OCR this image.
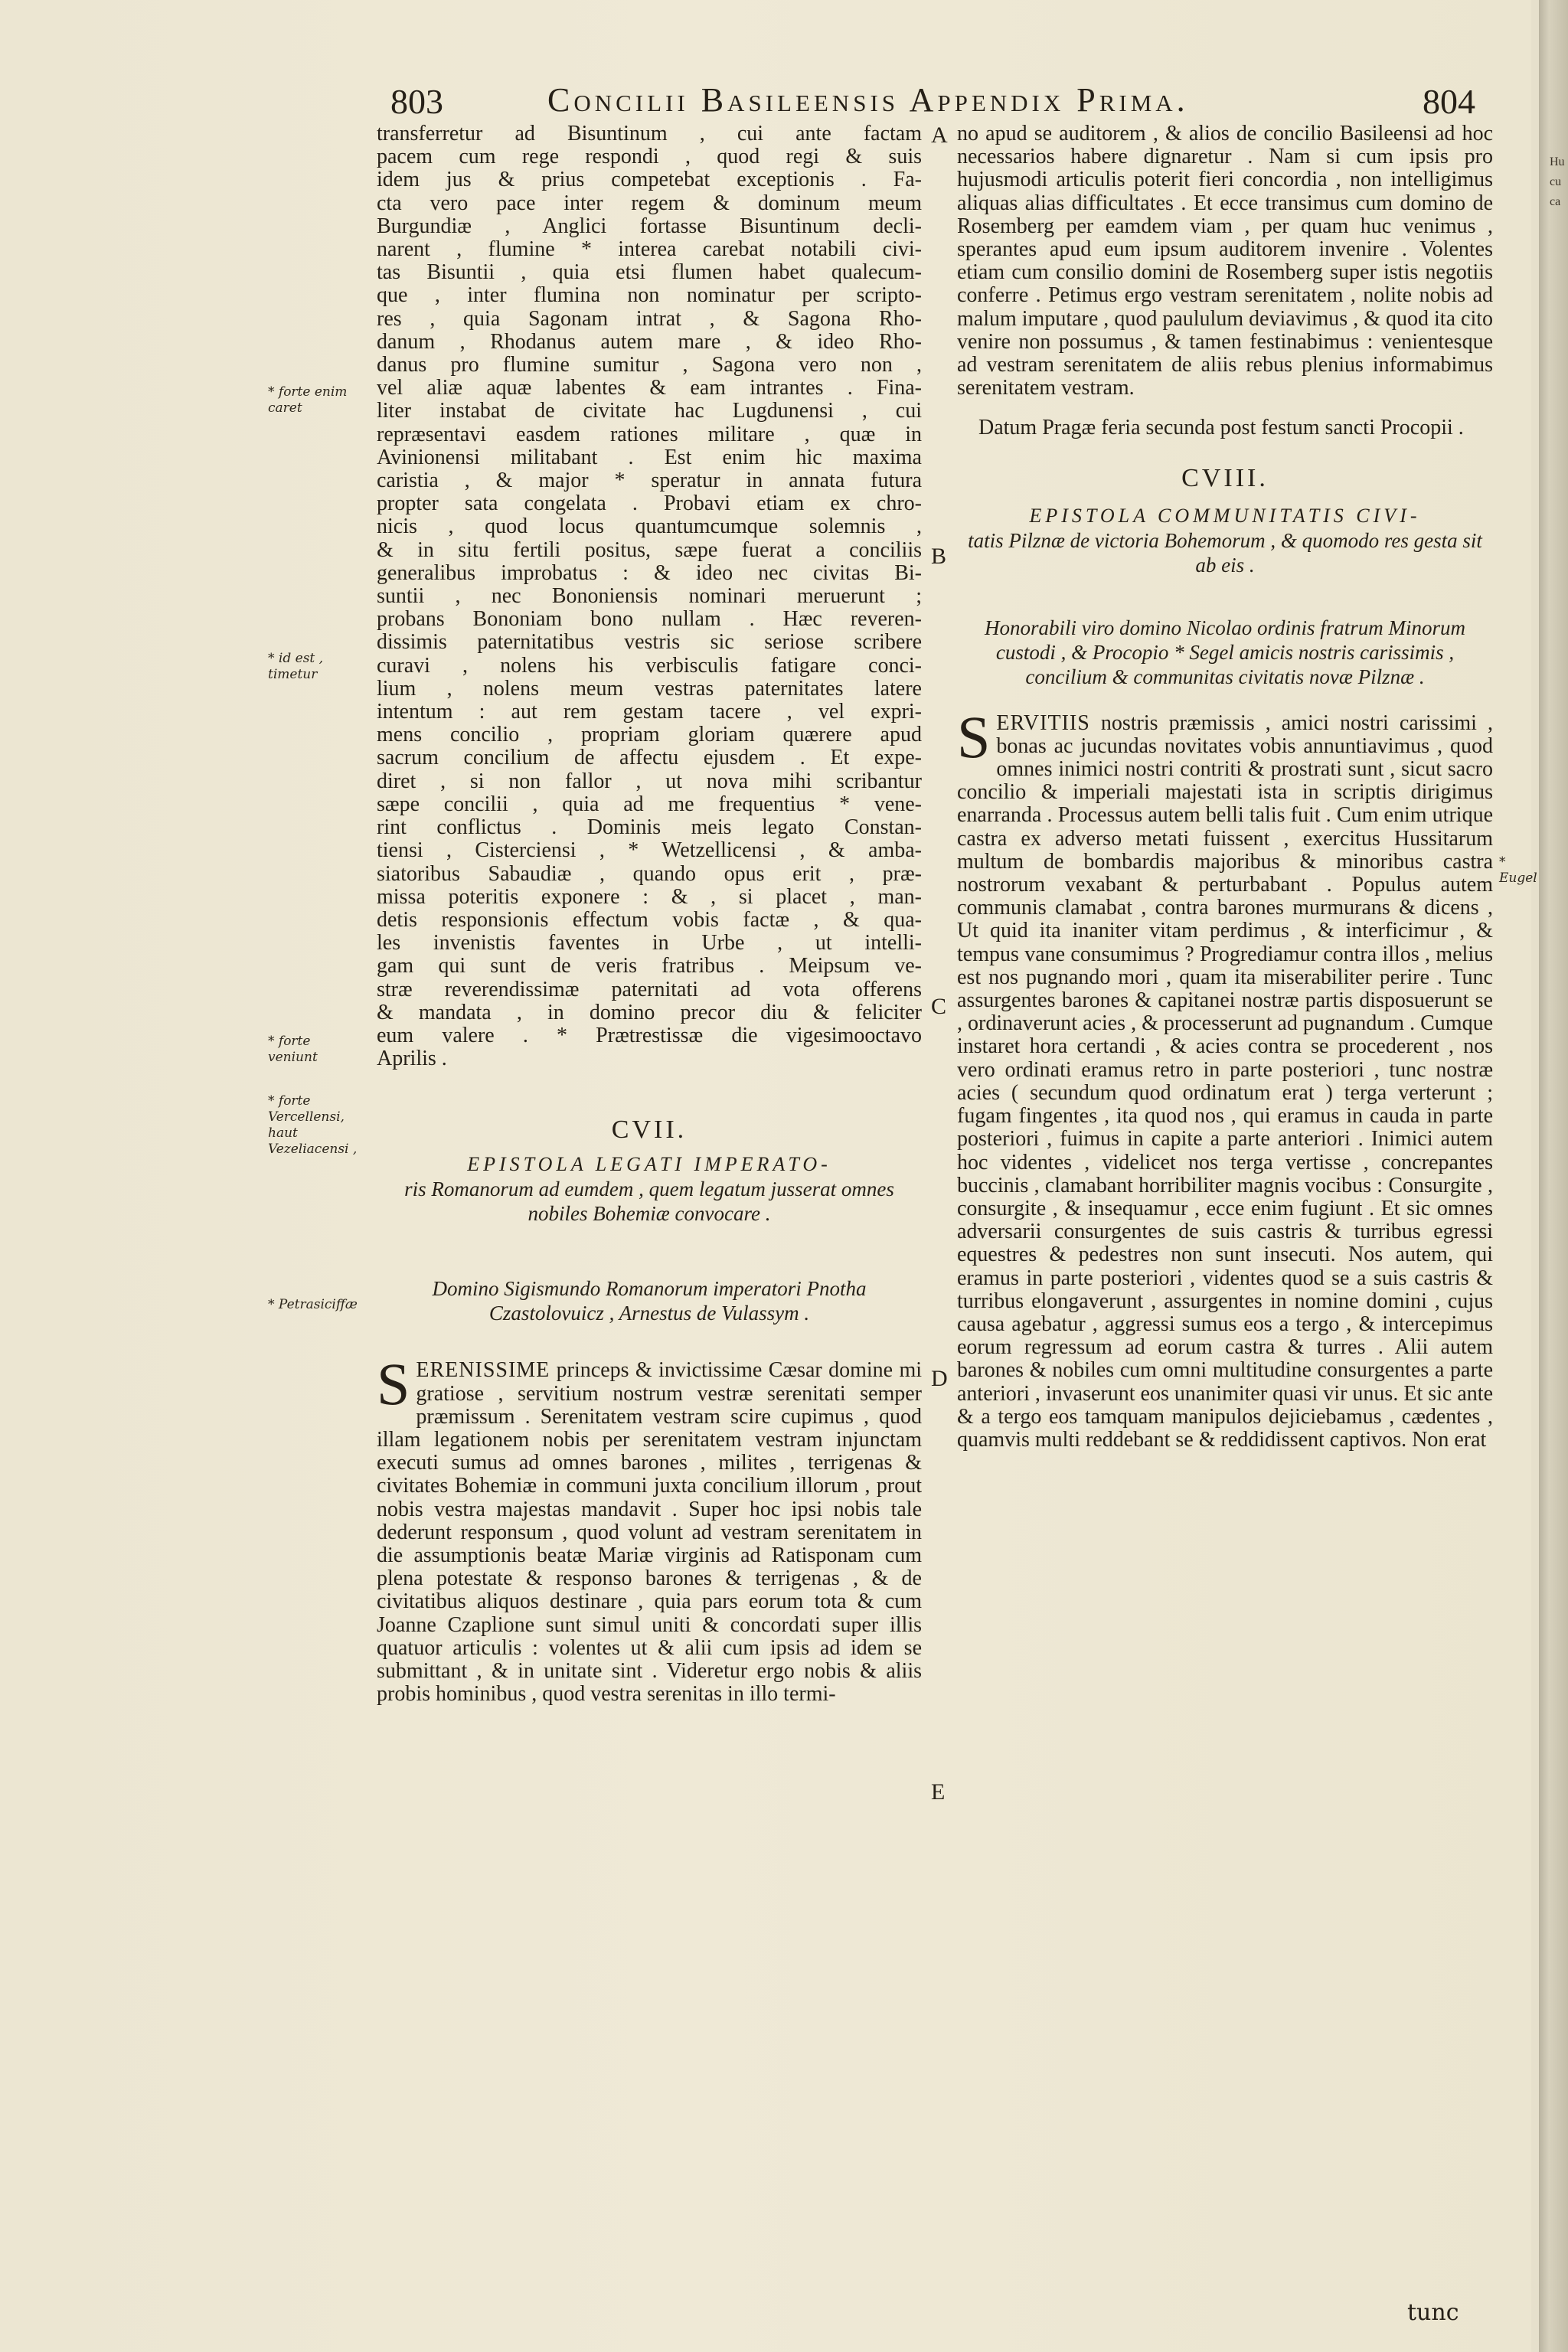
Hu
cu
ca
803	Concilii Basileensis Appendix Prima.	804
transferretur ad Bisuntinum , cui ante factam
pacem cum rege respondi , quod regi & suis
idem jus & prius competebat exceptionis . Fa-
cta vero pace inter regem & dominum meum
Burgundiæ , Anglici fortasse Bisuntinum decli-
narent , flumine * interea carebat notabili civi-
tas Bisuntii , quia etsi flumen habet qualecum-
que , inter flumina non nominatur per scripto-
res , quia Sagonam intrat , & Sagona Rho-
danum , Rhodanus autem mare , & ideo Rho-
danus pro flumine sumitur , Sagona vero non ,
vel aliæ aquæ labentes & eam intrantes . Fina-
liter instabat de civitate hac Lugdunensi , cui
repræsentavi easdem rationes militare , quæ in
Avinionensi militabant . Est enim hic maxima
caristia , & major * speratur in annata futura
propter sata congelata . Probavi etiam ex chro-
nicis , quod locus quantumcumque solemnis ,
& in situ fertili positus, sæpe fuerat a conciliis
generalibus improbatus : & ideo nec civitas Bi-
suntii , nec Bononiensis nominari meruerunt ;
probans Bononiam bono nullam . Hæc reveren-
dissimis paternitatibus vestris sic seriose scribere
curavi , nolens his verbisculis fatigare conci-
lium , nolens meum vestras paternitates latere
intentum : aut rem gestam tacere , vel expri-
mens concilio , propriam gloriam quærere apud
sacrum concilium de affectu ejusdem . Et expe-
diret , si non fallor , ut nova mihi scribantur
sæpe concilii , quia ad me frequentius * vene-
rint conflictus . Dominis meis legato Constan-
tiensi , Cisterciensi , * Wetzellicensi , & amba-
siatoribus Sabaudiæ , quando opus erit , præ-
missa poteritis exponere : & , si placet , man-
detis responsionis effectum vobis factæ , & qua-
les invenistis faventes in Urbe , ut intelli-
gam qui sunt de veris fratribus . Meipsum ve-
stræ reverendissimæ paternitati ad vota offerens
& mandata , in domino precor diu & feliciter
eum valere . * Prætrestissæ die vigesimooctavo
Aprilis .

CVII.

EPISTOLA LEGATI IMPERATO-
ris Romanorum ad eumdem , quem legatum jusserat omnes nobiles Bohemiæ convocare .

Domino Sigismundo Romanorum imperatori Pnotha Czastolovuicz , Arnestus de Vulassym .

SERENISSIME princeps & invictissime Cæsar domine mi gratiose , servitium nostrum vestræ serenitati semper præmissum . Serenitatem vestram scire cupimus , quod illam legationem nobis per serenitatem vestram injunctam executi sumus ad omnes barones , milites , terrigenas & civitates Bohemiæ in communi juxta concilium illorum , prout nobis vestra majestas mandavit . Super hoc ipsi nobis tale dederunt responsum , quod volunt ad vestram serenitatem in die assumptionis beatæ Mariæ virginis ad Ratisponam cum plena potestate & responso barones & terrigenas , & de civitatibus aliquos destinare , quia pars eorum tota & cum Joanne Czaplione sunt simul uniti & concordati super illis quatuor articulis : volentes ut & alii cum ipsis ad idem se submittant , & in unitate sint . Videretur ergo nobis & aliis probis hominibus , quod vestra serenitas in illo termi-

no apud se auditorem , & alios de concilio Basileensi ad hoc necessarios habere dignaretur . Nam si cum ipsis pro hujusmodi articulis poterit fieri concordia , non intelligimus aliquas alias difficultates . Et ecce transimus cum domino de Rosemberg per eamdem viam , per quam huc venimus , sperantes apud eum ipsum auditorem invenire . Volentes etiam cum consilio domini de Rosemberg super istis negotiis conferre . Petimus ergo vestram serenitatem , nolite nobis ad malum imputare , quod paululum deviavimus , & quod ita cito venire non possumus , & tamen festinabimus : venientesque ad vestram serenitatem de aliis rebus plenius informabimus serenitatem vestram.

Datum Pragæ feria secunda post festum sancti Procopii .

CVIII.

EPISTOLA COMMUNITATIS CIVI-
tatis Pilznæ de victoria Bohemorum , & quomodo res gesta sit ab eis .

Honorabili viro domino Nicolao ordinis fratrum Minorum custodi , & Procopio * Segel amicis nostris carissimis , concilium & communitas civitatis novæ Pilznæ .

SERVITIIS nostris præmissis , amici nostri carissimi , bonas ac jucundas novitates vobis annuntiavimus , quod omnes inimici nostri contriti & prostrati sunt , sicut sacro concilio & imperiali majestati ista in scriptis dirigimus enarranda . Processus autem belli talis fuit . Cum enim utrique castra ex adverso metati fuissent , exercitus Hussitarum multum de bombardis majoribus & minoribus castra nostrorum vexabant & perturbabant . Populus autem communis clamabat , contra barones murmurans & dicens , Ut quid ita inaniter vitam perdimus , & interficimur , & tempus vane consumimus ? Progrediamur contra illos , melius est nos pugnando mori , quam ita miserabiliter perire . Tunc assurgentes barones & capitanei nostræ partis disposuerunt se , ordinaverunt acies , & processerunt ad pugnandum . Cumque instaret hora certandi , & acies contra se procederent , nos vero ordinati eramus retro in parte posteriori , tunc nostræ acies ( secundum quod ordinatum erat ) terga verterunt ; fugam fingentes , ita quod nos , qui eramus in cauda in parte posteriori , fuimus in capite a parte anteriori . Inimici autem hoc videntes , videlicet nos terga vertisse , concrepantes buccinis , clamabant horribiliter magnis vocibus : Consurgite , consurgite , & insequamur , ecce enim fugiunt . Et sic omnes adversarii consurgentes de suis castris & turribus egressi equestres & pedestres non sunt insecuti. Nos autem, qui eramus in parte posteriori , videntes quod se a suis castris & turribus elongaverunt , assurgentes in nomine domini , cujus causa agebatur , aggressi sumus eos a tergo , & intercepimus eorum regressum ad eorum castra & turres . Alii autem barones & nobiles cum omni multitudine consurgentes a parte anteriori , invaserunt eos unanimiter quasi vir unus. Et sic ante & a tergo eos tamquam manipulos dejiciebamus , cædentes , quamvis multi reddebant se & reddidissent captivos. Non erat
A
B
C
D
E
* forte enim caret
* id est , timetur
* forte veniunt
* forte Vercellensi, haut Vezeliacensi ,
* Petrasiciffæ
* Eugel
tunc
